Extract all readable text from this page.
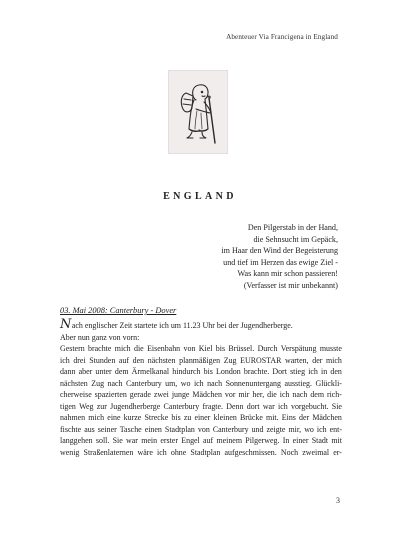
Abenteuer Via Francigena in England
ENGLAND
Den Pilgerstab in der Hand,
die Sehnsucht im Gepäck,
im Haar den Wind der Begeisterung
und tief im Herzen das ewige Ziel -
Was kann mir schon passieren!
(Verfasser ist mir unbekannt)
03. Mai 2008: Canterbury - Dover
Nach englischer Zeit startete ich um 11.23 Uhr bei der Jugendherberge.
Aber nun ganz von vorn:
Gestern brachte mich die Eisenbahn von Kiel bis Brüssel. Durch Verspätung musste
ich drei Stunden auf den nächsten planmäßigen Zug EUROSTAR warten, der mich
dann aber unter dem Ärmelkanal hindurch bis London brachte. Dort stieg ich in den
nächsten Zug nach Canterbury um, wo ich nach Sonnenuntergang ausstieg. Glückli-
cherweise spazierten gerade zwei junge Mädchen vor mir her, die ich nach dem rich-
tigen Weg zur Jugendherberge Canterbury fragte. Denn dort war ich vorgebucht. Sie
nahmen mich eine kurze Strecke bis zu einer kleinen Brücke mit. Eins der Mädchen
fischte aus seiner Tasche einen Stadtplan von Canterbury und zeigte mir, wo ich ent-
langgehen soll. Sie war mein erster Engel auf meinem Pilgerweg. In einer Stadt mit
wenig Straßenlaternen wäre ich ohne Stadtplan aufgeschmissen. Noch zweimal er-
3
